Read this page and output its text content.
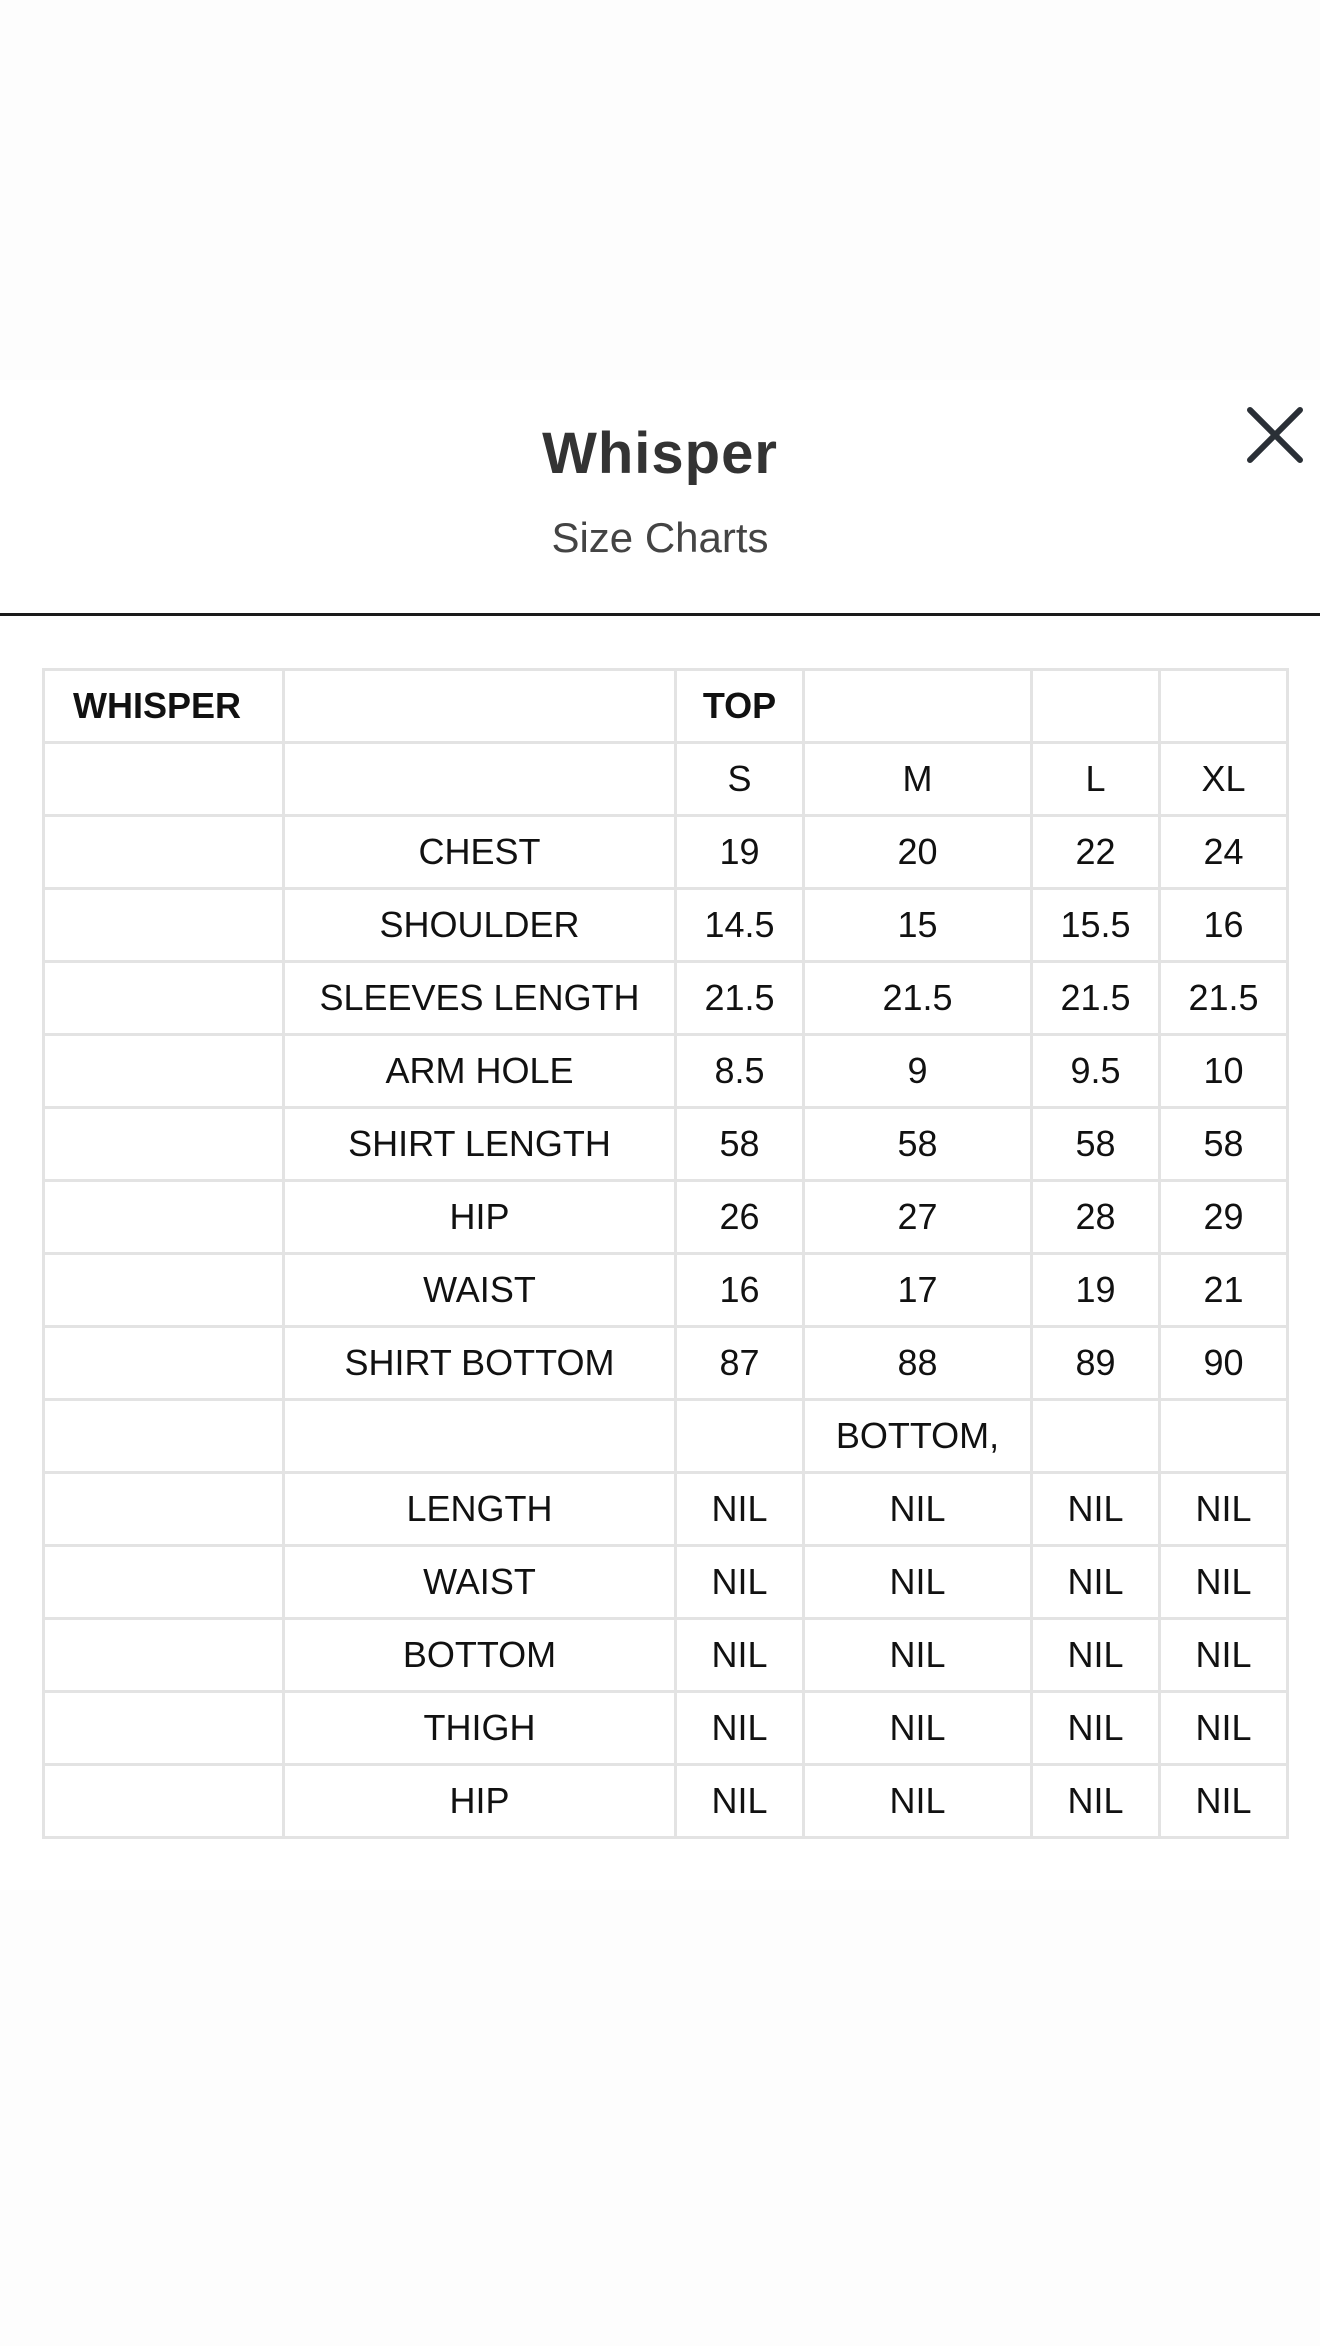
Whisper
Size Charts
WHISPER		TOP			
		S	M	L	XL
	CHEST	19	20	22	24
	SHOULDER	14.5	15	15.5	16
	SLEEVES LENGTH	21.5	21.5	21.5	21.5
	ARM HOLE	8.5	9	9.5	10
	SHIRT LENGTH	58	58	58	58
	HIP	26	27	28	29
	WAIST	16	17	19	21
	SHIRT BOTTOM	87	88	89	90
			BOTTOM,		
	LENGTH	NIL	NIL	NIL	NIL
	WAIST	NIL	NIL	NIL	NIL
	BOTTOM	NIL	NIL	NIL	NIL
	THIGH	NIL	NIL	NIL	NIL
	HIP	NIL	NIL	NIL	NIL
